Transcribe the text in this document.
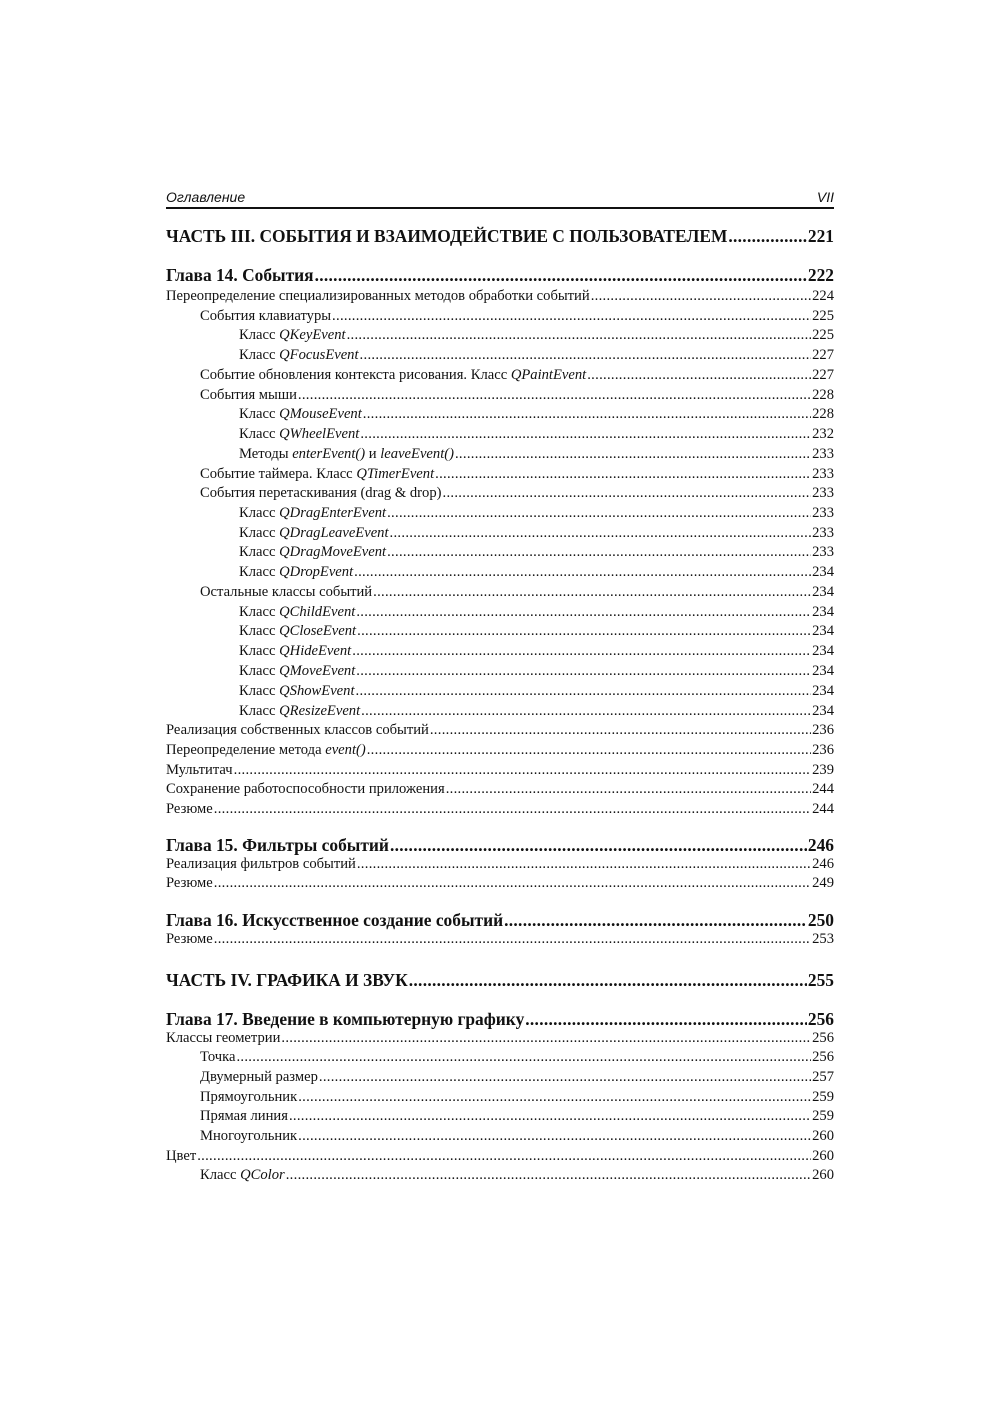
Оглавление	VII
ЧАСТЬ III. СОБЫТИЯ И ВЗАИМОДЕЙСТВИЕ С ПОЛЬЗОВАТЕЛЕМ .....	221
Глава 14. События .....	222
Переопределение специализированных методов обработки событий .....	224
События клавиатуры .....	225
Класс QKeyEvent .....	225
Класс QFocusEvent .....	227
Событие обновления контекста рисования. Класс QPaintEvent .....	227
События мыши .....	228
Класс QMouseEvent .....	228
Класс QWheelEvent .....	232
Методы enterEvent() и leaveEvent() .....	233
Событие таймера. Класс QTimerEvent .....	233
События перетаскивания (drag & drop) .....	233
Класс QDragEnterEvent .....	233
Класс QDragLeaveEvent .....	233
Класс QDragMoveEvent .....	233
Класс QDropEvent .....	234
Остальные классы событий .....	234
Класс QChildEvent .....	234
Класс QCloseEvent .....	234
Класс QHideEvent .....	234
Класс QMoveEvent .....	234
Класс QShowEvent .....	234
Класс QResizeEvent .....	234
Реализация собственных классов событий .....	236
Переопределение метода event() .....	236
Мультитач .....	239
Сохранение работоспособности приложения .....	244
Резюме .....	244
Глава 15. Фильтры событий .....	246
Реализация фильтров событий .....	246
Резюме .....	249
Глава 16. Искусственное создание событий .....	250
Резюме .....	253
ЧАСТЬ IV. ГРАФИКА И ЗВУК .....	255
Глава 17. Введение в компьютерную графику .....	256
Классы геометрии .....	256
Точка .....	256
Двумерный размер .....	257
Прямоугольник .....	259
Прямая линия .....	259
Многоугольник .....	260
Цвет .....	260
Класс QColor .....	260
